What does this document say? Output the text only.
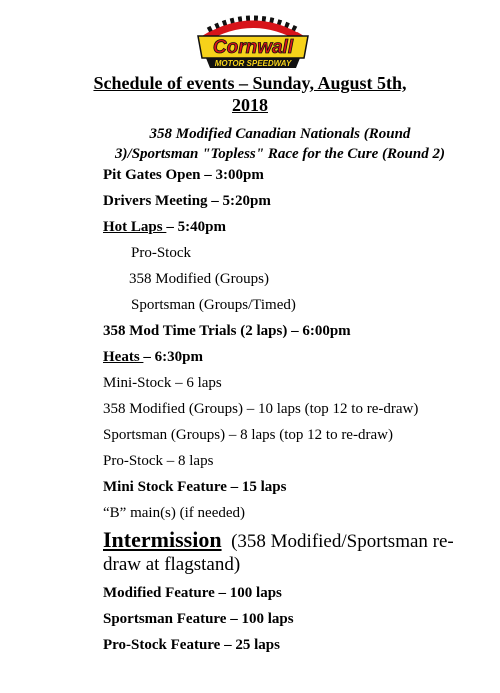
Cornwall
MOTOR SPEEDWAY
Schedule of events – Sunday, August 5th,
2018
358 Modified Canadian Nationals (Round
3)/Sportsman "Topless" Race for the Cure (Round 2)
Pit Gates Open – 3:00pm
Drivers Meeting – 5:20pm
Hot Laps – 5:40pm
Pro-Stock
358 Modified (Groups)
Sportsman (Groups/Timed)
358 Mod Time Trials (2 laps) – 6:00pm
Heats – 6:30pm
Mini-Stock – 6 laps
358 Modified (Groups) – 10 laps (top 12 to re-draw)
Sportsman (Groups) – 8 laps (top 12 to re-draw)
Pro-Stock – 8 laps
Mini Stock Feature – 15 laps
“B” main(s) (if needed)
Intermission (358 Modified/Sportsman re-draw at flagstand)
Modified Feature – 100 laps
Sportsman Feature – 100 laps
Pro-Stock Feature – 25 laps
